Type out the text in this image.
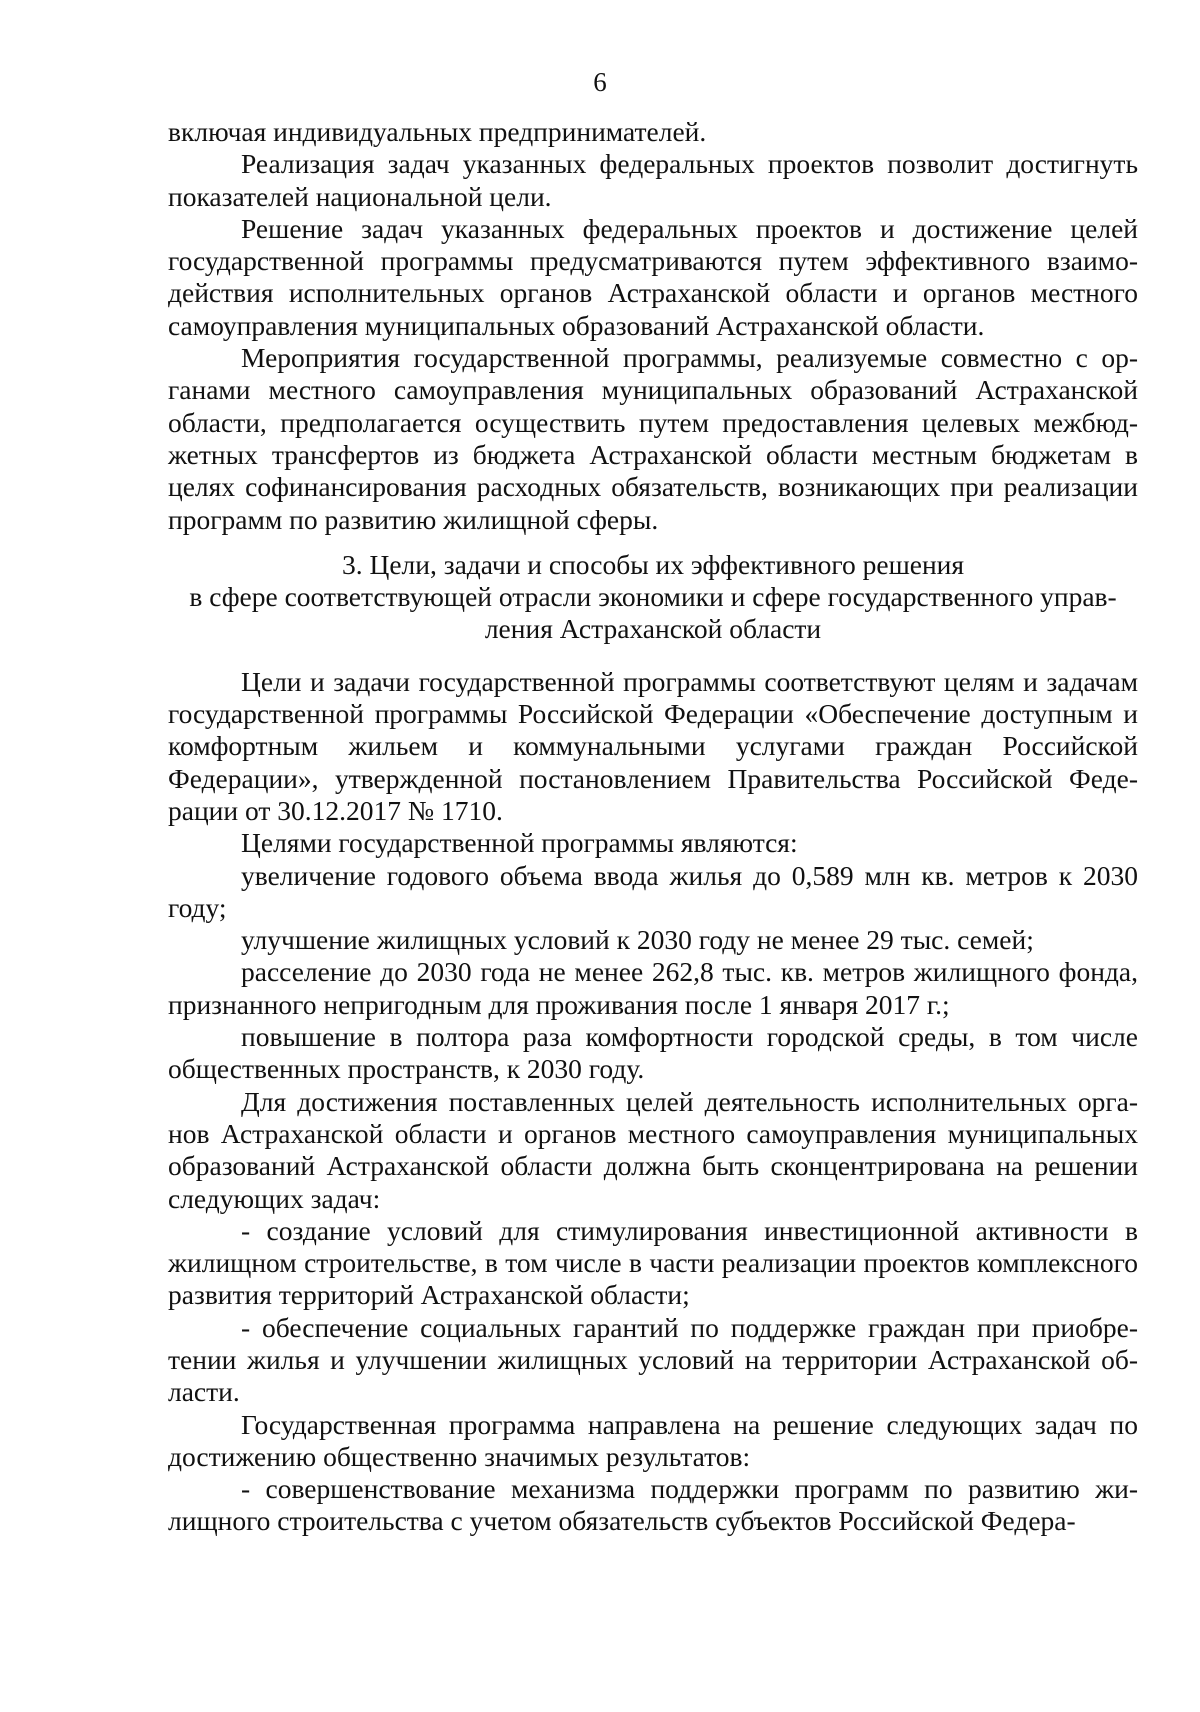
6

включая индивидуальных предпринимателей.

Реализация задач указанных федеральных проектов позволит достигнуть показателей национальной цели.

Решение задач указанных федеральных проектов и достижение целей государственной программы предусматриваются путем эффективного взаимодействия исполнительных органов Астраханской области и органов местного самоуправления муниципальных образований Астраханской области.

Мероприятия государственной программы, реализуемые совместно с органами местного самоуправления муниципальных образований Астраханской области, предполагается осуществить путем предоставления целевых межбюджетных трансфертов из бюджета Астраханской области местным бюджетам в целях софинансирования расходных обязательств, возникающих при реализации программ по развитию жилищной сферы.

3. Цели, задачи и способы их эффективного решения
в сфере соответствующей отрасли экономики и сфере государственного управ-
ления Астраханской области

Цели и задачи государственной программы соответствуют целям и задачам государственной программы Российской Федерации «Обеспечение доступным и комфортным жильем и коммунальными услугами граждан Российской Федерации», утвержденной постановлением Правительства Российской Федерации от 30.12.2017 № 1710.

Целями государственной программы являются:

увеличение годового объема ввода жилья до 0,589 млн кв. метров к 2030 году;

улучшение жилищных условий к 2030 году не менее 29 тыс. семей;

расселение до 2030 года не менее 262,8 тыс. кв. метров жилищного фонда, признанного непригодным для проживания после 1 января 2017 г.;

повышение в полтора раза комфортности городской среды, в том числе общественных пространств, к 2030 году.

Для достижения поставленных целей деятельность исполнительных органов Астраханской области и органов местного самоуправления муниципальных образований Астраханской области должна быть сконцентрирована на решении следующих задач:

- создание условий для стимулирования инвестиционной активности в жилищном строительстве, в том числе в части реализации проектов комплексного развития территорий Астраханской области;

- обеспечение социальных гарантий по поддержке граждан при приобретении жилья и улучшении жилищных условий на территории Астраханской области.

Государственная программа направлена на решение следующих задач по достижению общественно значимых результатов:

- совершенствование механизма поддержки программ по развитию жилищного строительства с учетом обязательств субъектов Российской Федера-
